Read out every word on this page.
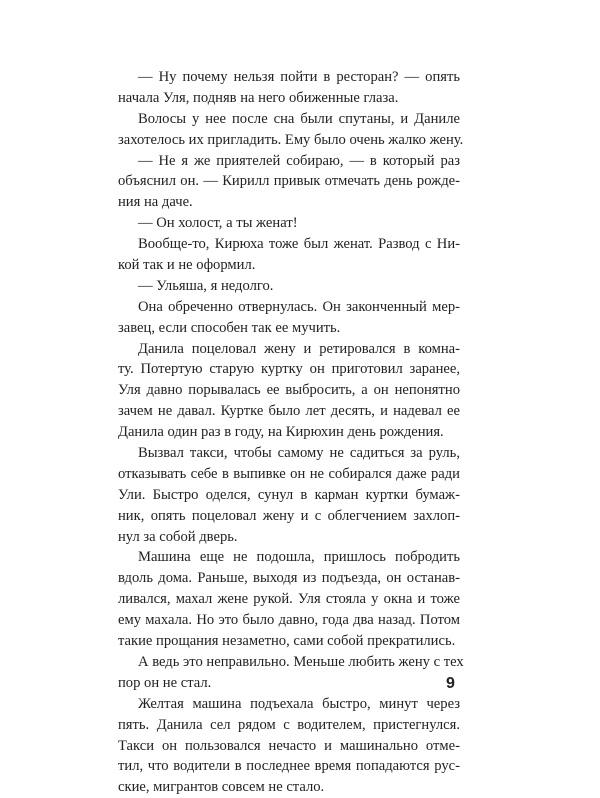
— Ну почему нельзя пойти в ресторан? — опять
начала Уля, подняв на него обиженные глаза.
Волосы у нее после сна были спутаны, и Даниле
захотелось их пригладить. Ему было очень жалко жену.
— Не я же приятелей собираю, — в который раз
объяснил он. — Кирилл привык отмечать день рожде-
ния на даче.
— Он холост, а ты женат!
Вообще-то, Кирюха тоже был женат. Развод с Ни-
кой так и не оформил.
— Ульяша, я недолго.
Она обреченно отвернулась. Он законченный мер-
завец, если способен так ее мучить.
Данила поцеловал жену и ретировался в комна-
ту. Потертую старую куртку он приготовил заранее,
Уля давно порывалась ее выбросить, а он непонятно
зачем не давал. Куртке было лет десять, и надевал ее
Данила один раз в году, на Кирюхин день рождения.
Вызвал такси, чтобы самому не садиться за руль,
отказывать себе в выпивке он не собирался даже ради
Ули. Быстро оделся, сунул в карман куртки бумаж-
ник, опять поцеловал жену и с облегчением захлоп-
нул за собой дверь.
Машина еще не подошла, пришлось побродить
вдоль дома. Раньше, выходя из подъезда, он останав-
ливался, махал жене рукой. Уля стояла у окна и тоже
ему махала. Но это было давно, года два назад. Потом
такие прощания незаметно, сами собой прекратились.
А ведь это неправильно. Меньше любить жену с тех
пор он не стал.
Желтая машина подъехала быстро, минут через
пять. Данила сел рядом с водителем, пристегнулся.
Такси он пользовался нечасто и машинально отме-
тил, что водители в последнее время попадаются рус-
ские, мигрантов совсем не стало.
9
